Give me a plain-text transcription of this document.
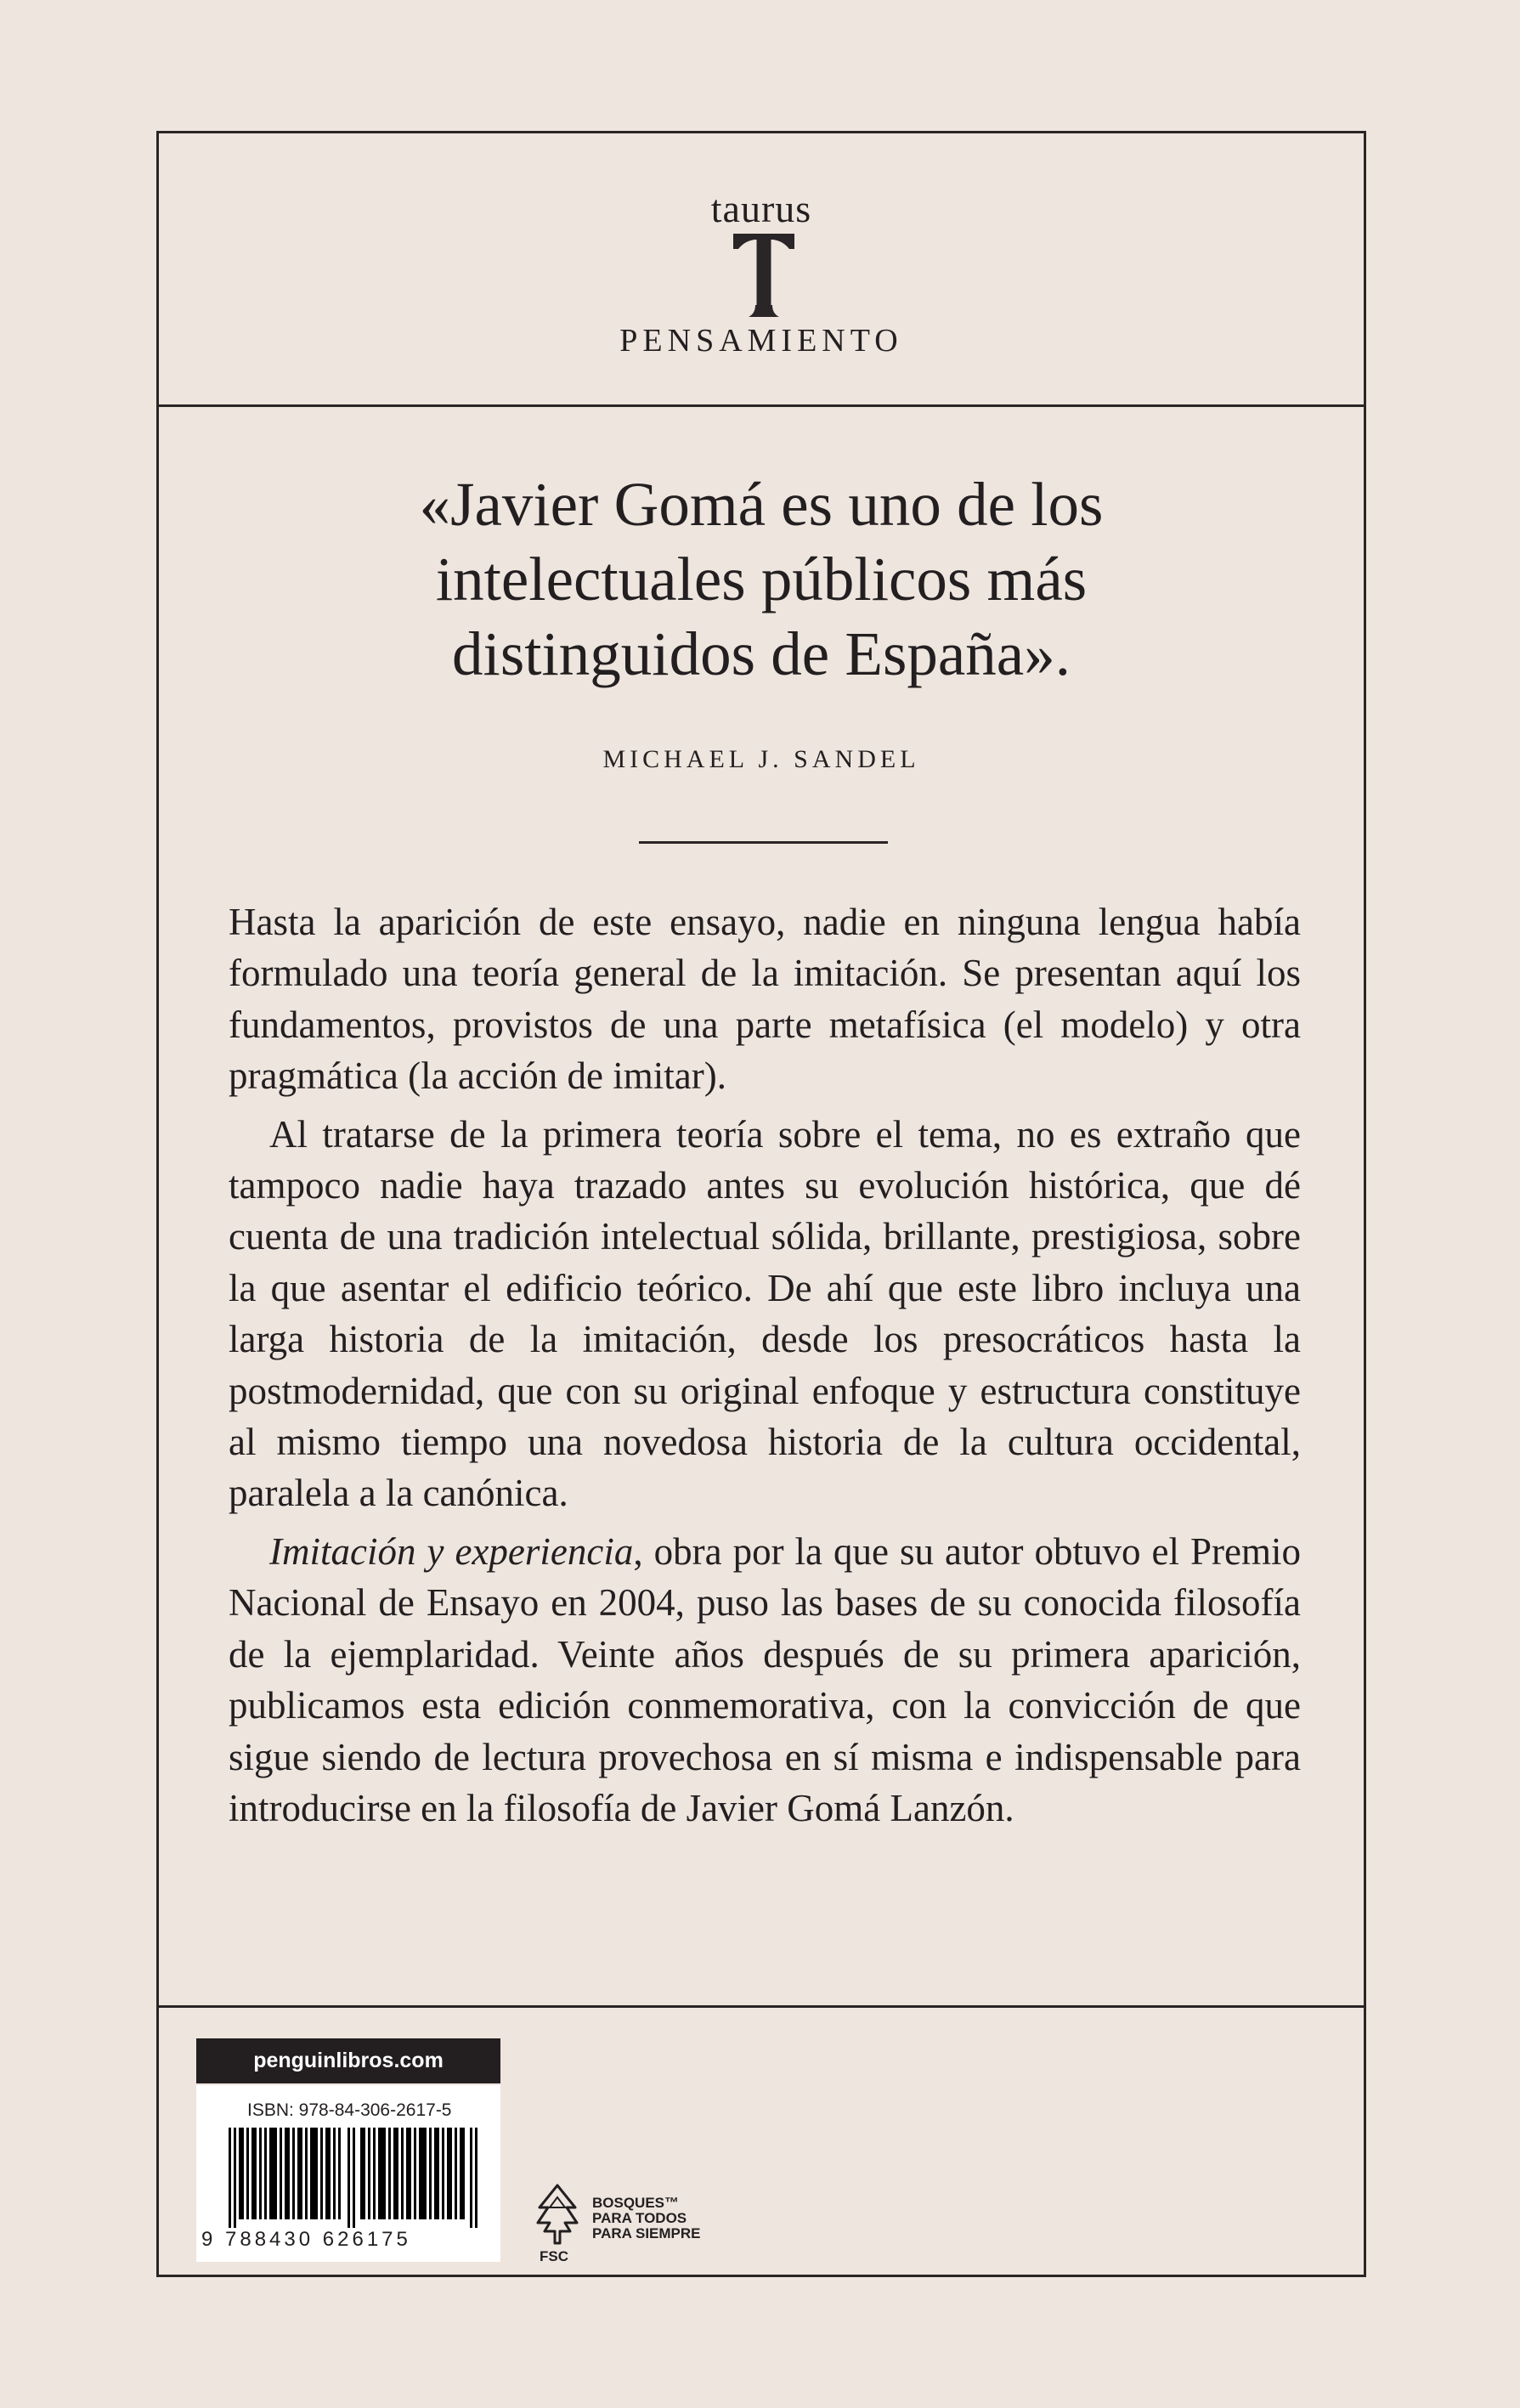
taurus
PENSAMIENTO
«Javier Gomá es uno de los
intelectuales públicos más
distinguidos de España».
MICHAEL J. SANDEL

Hasta la aparición de este ensayo, nadie en ninguna lengua había formulado una teoría general de la imitación. Se presentan aquí los fundamentos, provistos de una parte metafísica (el modelo) y otra pragmática (la acción de imitar).

Al tratarse de la primera teoría sobre el tema, no es extraño que tampoco nadie haya trazado antes su evolución histórica, que dé cuenta de una tradición intelectual sólida, brillante, prestigiosa, sobre la que asentar el edificio teórico. De ahí que este libro incluya una larga historia de la imitación, desde los presocráticos hasta la postmodernidad, que con su original enfoque y estructura constituye al mismo tiempo una novedosa historia de la cultura occidental, paralela a la canónica.

Imitación y experiencia, obra por la que su autor obtuvo el Premio Nacional de Ensayo en 2004, puso las bases de su conocida filosofía de la ejemplaridad. Veinte años después de su primera aparición, publicamos esta edición conmemorativa, con la convicción de que sigue siendo de lectura provechosa en sí misma e indispensable para introducirse en la filosofía de Javier Gomá Lanzón.

penguinlibros.com
ISBN: 978-84-306-2617-5
9 788430 626175
FSC
BOSQUES™
PARA TODOS
PARA SIEMPRE
